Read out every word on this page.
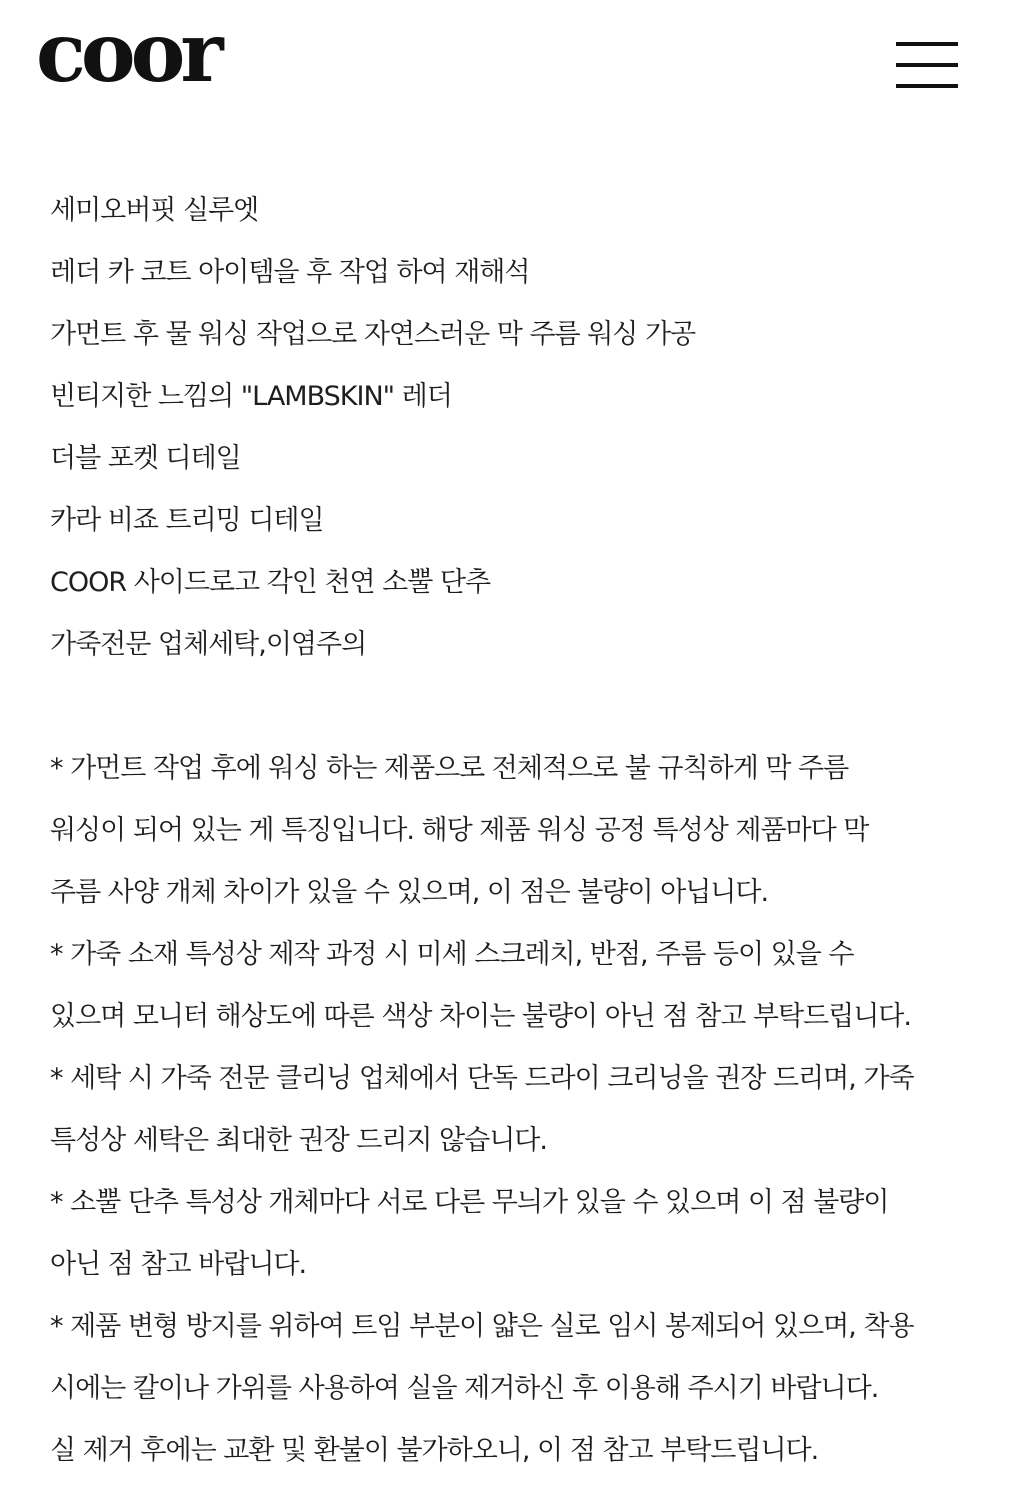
coor
세미오버핏 실루엣
레더 카 코트 아이템을 후 작업 하여 재해석
가먼트 후 물 워싱 작업으로 자연스러운 막 주름 워싱 가공
빈티지한 느낌의 "LAMBSKIN" 레더
더블 포켓 디테일
카라 비죠 트리밍 디테일
COOR 사이드로고 각인 천연 소뿔 단추
가죽전문 업체세탁,이염주의
* 가먼트 작업 후에 워싱 하는 제품으로 전체적으로 불 규칙하게 막 주름
워싱이 되어 있는 게 특징입니다. 해당 제품 워싱 공정 특성상 제품마다 막
주름 사양 개체 차이가 있을 수 있으며, 이 점은 불량이 아닙니다.
* 가죽 소재 특성상 제작 과정 시 미세 스크레치, 반점, 주름 등이 있을 수
있으며 모니터 해상도에 따른 색상 차이는 불량이 아닌 점 참고 부탁드립니다.
* 세탁 시 가죽 전문 클리닝 업체에서 단독 드라이 크리닝을 권장 드리며, 가죽
특성상 세탁은 최대한 권장 드리지 않습니다.
* 소뿔 단추 특성상 개체마다 서로 다른 무늬가 있을 수 있으며 이 점 불량이
아닌 점 참고 바랍니다.
* 제품 변형 방지를 위하여 트임 부분이 얇은 실로 임시 봉제되어 있으며, 착용
시에는 칼이나 가위를 사용하여 실을 제거하신 후 이용해 주시기 바랍니다.
실 제거 후에는 교환 및 환불이 불가하오니, 이 점 참고 부탁드립니다.
